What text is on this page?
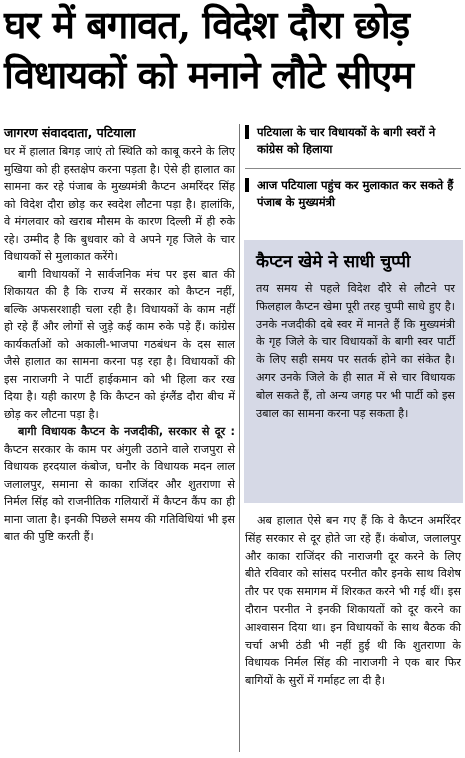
घर में बगावत, विदेश दौरा छोड़
विधायकों को मनाने लौटे सीएम
जागरण संवाददाता, पटियाला

घर में हालात बिगड़ जाएं तो स्थिति को काबू करने के लिए मुखिया को ही हस्तक्षेप करना पड़ता है। ऐसे ही हालात का सामना कर रहे पंजाब के मुख्यमंत्री कैप्टन अमरिंदर सिंह को विदेश दौरा छोड़ कर स्वदेश लौटना पड़ा है। हालांकि, वे मंगलवार को खराब मौसम के कारण दिल्ली में ही रुके रहे। उम्मीद है कि बुधवार को वे अपने गृह जिले के चार विधायकों से मुलाकात करेंगे।

बागी विधायकों ने सार्वजनिक मंच पर इस बात की शिकायत की है कि राज्य में सरकार को कैप्टन नहीं, बल्कि अफसरशाही चला रही है। विधायकों के काम नहीं हो रहे हैं और लोगों से जुड़े कई काम रुके पड़े हैं। कांग्रेस कार्यकर्ताओं को अकाली-भाजपा गठबंधन के दस साल जैसे हालात का सामना करना पड़ रहा है। विधायकों की इस नाराजगी ने पार्टी हाईकमान को भी हिला कर रख दिया है। यही कारण है कि कैप्टन को इंग्लैंड दौरा बीच में छोड़ कर लौटना पड़ा है।

बागी विधायक कैप्टन के नजदीकी, सरकार से दूर : कैप्टन सरकार के काम पर अंगुली उठाने वाले राजपुरा से विधायक हरदयाल कंबोज, घनौर के विधायक मदन लाल जलालपुर, समाना से काका राजिंदर और शुतराणा से निर्मल सिंह को राजनीतिक गलियारों में कैप्टन कैंप का ही माना जाता है। इनकी पिछले समय की गतिविधियां भी इस बात की पुष्टि करती हैं।

पटियाला के चार विधायकों के बागी स्वरों ने कांग्रेस को हिलाया
आज पटियाला पहुंच कर मुलाकात कर सकते हैं पंजाब के मुख्यमंत्री
कैप्टन खेमे ने साधी चुप्पी
तय समय से पहले विदेश दौरे से लौटने पर फिलहाल कैप्टन खेमा पूरी तरह चुप्पी साधे हुए है। उनके नजदीकी दबे स्वर में मानते हैं कि मुख्यमंत्री के गृह जिले के चार विधायकों के बागी स्वर पार्टी के लिए सही समय पर सतर्क होने का संकेत है। अगर उनके जिले के ही सात में से चार विधायक बोल सकते हैं, तो अन्य जगह पर भी पार्टी को इस उबाल का सामना करना पड़ सकता है।

अब हालात ऐसे बन गए हैं कि वे कैप्टन अमरिंदर सिंह सरकार से दूर होते जा रहे हैं। कंबोज, जलालपुर और काका राजिंदर की नाराजगी दूर करने के लिए बीते रविवार को सांसद परनीत कौर इनके साथ विशेष तौर पर एक समागम में शिरकत करने भी गई थीं। इस दौरान परनीत ने इनकी शिकायतों को दूर करने का आश्वासन दिया था। इन विधायकों के साथ बैठक की चर्चा अभी ठंडी भी नहीं हुई थी कि शुतराणा के विधायक निर्मल सिंह की नाराजगी ने एक बार फिर बागियों के सुरों में गर्माहट ला दी है।
